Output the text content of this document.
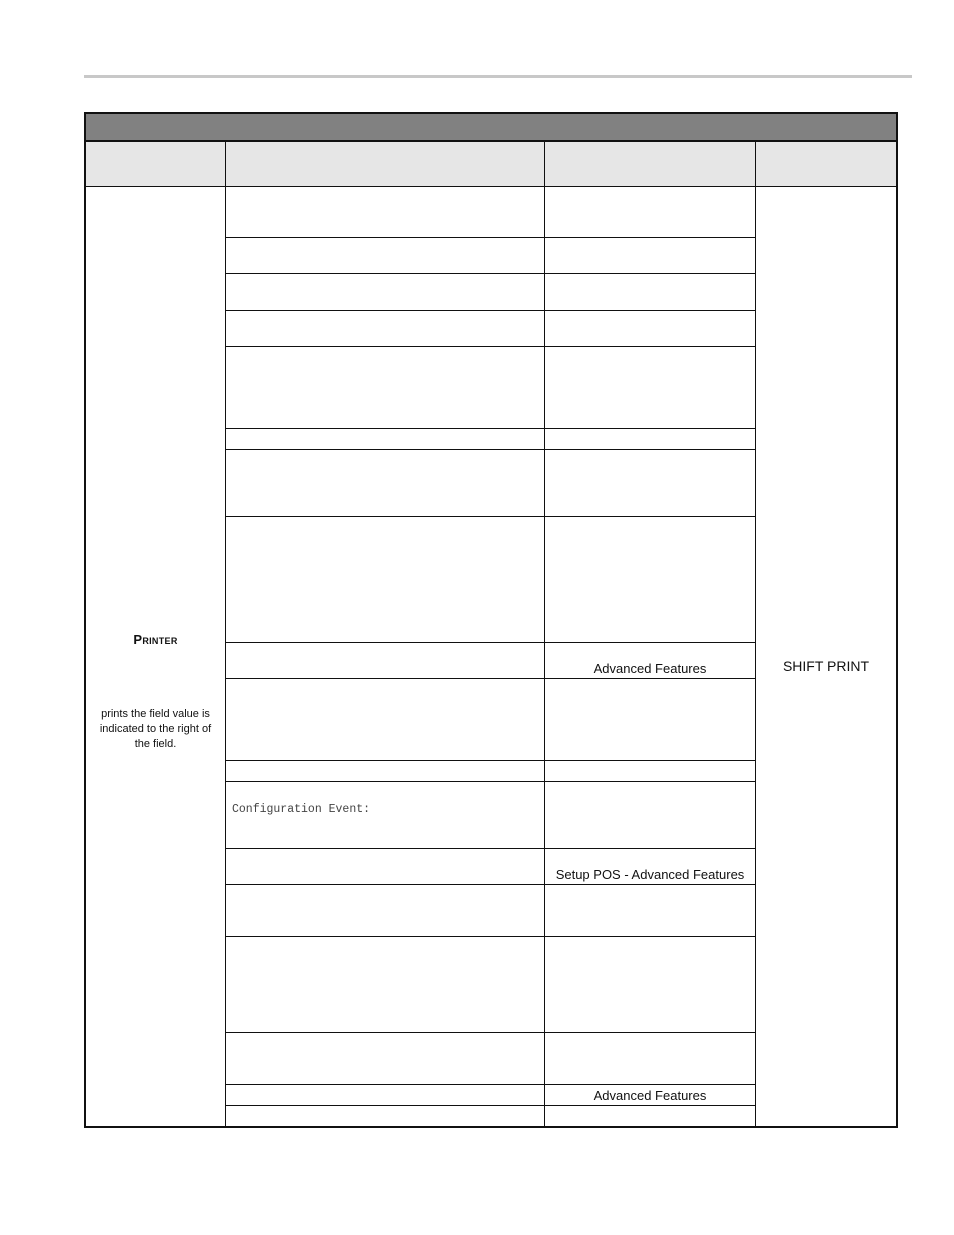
Printer
prints the field value is indicated to the right of the field.
Configuration Event:
Advanced Features
Setup POS - Advanced Features
Advanced Features
SHIFT PRINT
